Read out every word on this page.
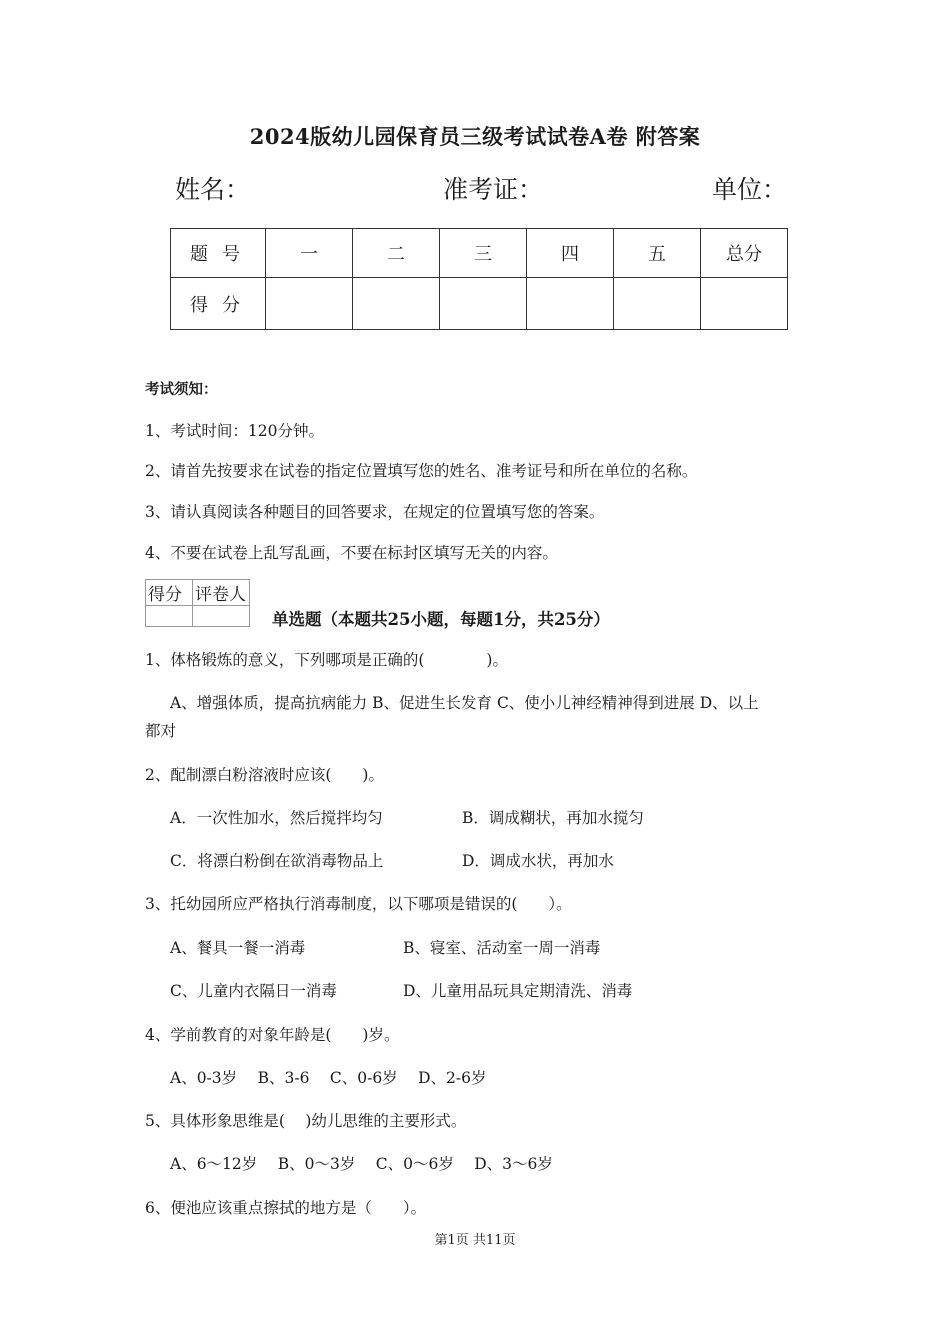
2024版幼儿园保育员三级考试试卷A卷 附答案
姓名：	准考证：	单位：
题号	一	二	三	四	五	总分
得分						
考试须知：
1、考试时间：120分钟。
2、请首先按要求在试卷的指定位置填写您的姓名、准考证号和所在单位的名称。
3、请认真阅读各种题目的回答要求，在规定的位置填写您的答案。
4、不要在试卷上乱写乱画，不要在标封区填写无关的内容。
得分	评卷人

单选题（本题共25小题，每题1分，共25分）
1、体格锻炼的意义，下列哪项是正确的(　　　　)。
A、增强体质，提高抗病能力 B、促进生长发育 C、使小儿神经精神得到进展 D、以上
都对
2、配制漂白粉溶液时应该(　　)。
A．一次性加水，然后搅拌均匀	B．调成糊状，再加水搅匀
C．将漂白粉倒在欲消毒物品上	D．调成水状，再加水
3、托幼园所应严格执行消毒制度，以下哪项是错误的(　　）。
A、餐具一餐一消毒	B、寝室、活动室一周一消毒
C、儿童内衣隔日一消毒	D、儿童用品玩具定期清洗、消毒
4、学前教育的对象年龄是(　　)岁。
A、0-3岁　 B、3-6　 C、0-6岁　 D、2-6岁
5、具体形象思维是(　 )幼儿思维的主要形式。
A、6～12岁　 B、0～3岁　 C、0～6岁　 D、3～6岁
6、便池应该重点擦拭的地方是（　　）。
第1页 共11页
